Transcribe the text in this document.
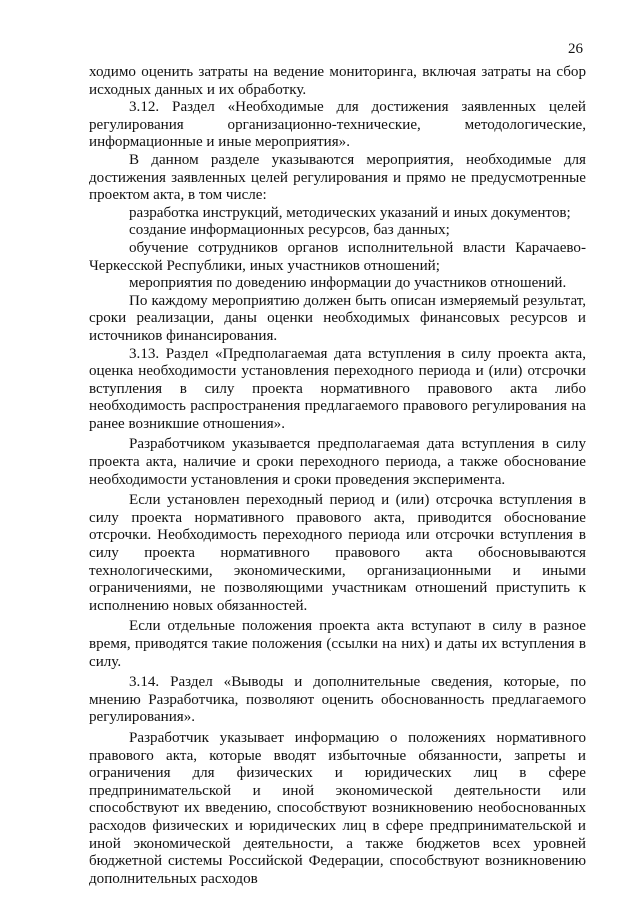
26

ходимо оценить затраты на ведение мониторинга, включая затраты на сбор исходных данных и их обработку.

3.12. Раздел «Необходимые для достижения заявленных целей регулирования организационно-технические, методологические, информационные и иные мероприятия».

В данном разделе указываются мероприятия, необходимые для достижения заявленных целей регулирования и прямо не предусмотренные проектом акта, в том числе:

разработка инструкций, методических указаний и иных документов;

создание информационных ресурсов, баз данных;

обучение сотрудников органов исполнительной власти Карачаево-Черкесской Республики, иных участников отношений;

мероприятия по доведению информации до участников отношений.

По каждому мероприятию должен быть описан измеряемый результат, сроки реализации, даны оценки необходимых финансовых ресурсов и источников финансирования.

3.13. Раздел «Предполагаемая дата вступления в силу проекта акта, оценка необходимости установления переходного периода и (или) отсрочки вступления в силу проекта нормативного правового акта либо необходимость распространения предлагаемого правового регулирования на ранее возникшие отношения».

Разработчиком указывается предполагаемая дата вступления в силу проекта акта, наличие и сроки переходного периода, а также обоснование необходимости установления и сроки проведения эксперимента.

Если установлен переходный период и (или) отсрочка вступления в силу проекта нормативного правового акта, приводится обоснование отсрочки. Необходимость переходного периода или отсрочки вступления в силу проекта нормативного правового акта обосновываются технологическими, экономическими, организационными и иными ограничениями, не позволяющими участникам отношений приступить к исполнению новых обязанностей.

Если отдельные положения проекта акта вступают в силу в разное время, приводятся такие положения (ссылки на них) и даты их вступления в силу.

3.14. Раздел «Выводы и дополнительные сведения, которые, по мнению Разработчика, позволяют оценить обоснованность предлагаемого регулирования».

Разработчик указывает информацию о положениях нормативного правового акта, которые вводят избыточные обязанности, запреты и ограничения для физических и юридических лиц в сфере предпринимательской и иной экономической деятельности или способствуют их введению, способствуют возникновению необоснованных расходов физических и юридических лиц в сфере предпринимательской и иной экономической деятельности, а также бюджетов всех уровней бюджетной системы Российской Федерации, способствуют возникновению дополнительных расходов
